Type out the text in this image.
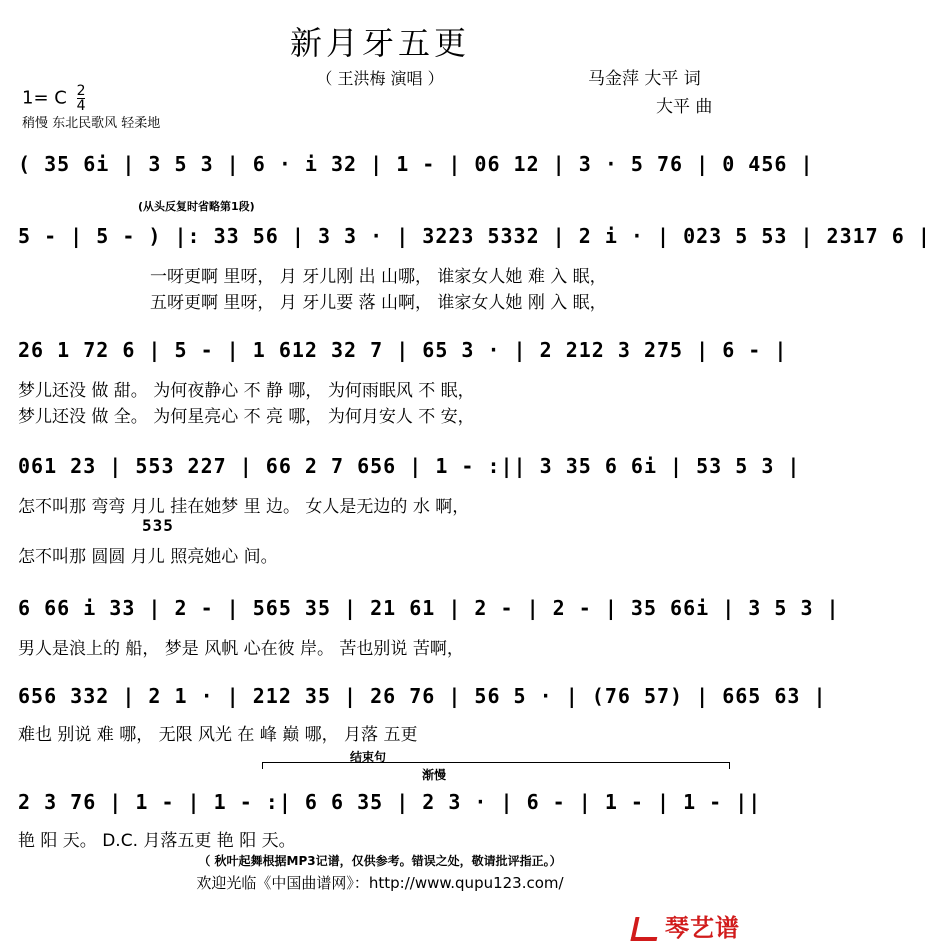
新月牙五更
（ 王洪梅 演唱 ）	马金萍 大平 词
大平 曲
1= C $\frac{2}{4}$
稍慢 东北民歌风 轻柔地
( 35 6i | 3 5 3 | 6 · i 32 | 1 - | 06 12 | 3 · 5 76 | 0 456 |
(从头反复时省略第1段)
5 - | 5 - ) |: 33 56 | 3 3 · | 3223 5332 | 2 i · | 023 5 53 | 2317 6 |
一呀更啊 里呀， 月 牙儿刚 出 山哪， 谁家女人她 难 入 眠，
五呀更啊 里呀， 月 牙儿要 落 山啊， 谁家女人她 刚 入 眠，
26 1 72 6 | 5 - | 1 612 32 7 | 65 3 · | 2 212 3 275 | 6 - |
梦儿还没 做 甜。 为何夜静心 不 静 哪， 为何雨眠风 不 眠，
梦儿还没 做 全。 为何星亮心 不 亮 哪， 为何月安人 不 安，
061 23 | 553 227 | 66 2 7 656 | 1 - :|| 3 35 6 6i | 53 5 3 |
怎不叫那 弯弯 月儿 挂在她梦 里 边。 女人是无边的 水 啊，
535
怎不叫那 圆圆 月儿 照亮她心 间。
6 66 i 33 | 2 - | 565 35 | 21 61 | 2 - | 2 - | 35 66i | 3 5 3 |
男人是浪上的 船， 梦是 风帆 心在彼 岸。 苦也别说 苦啊，
656 332 | 2 1 · | 212 35 | 26 76 | 56 5 · | (76 57) | 665 63 |
难也 别说 难 哪， 无限 风光 在 峰 巅 哪， 月落 五更
结束句
渐慢
2 3 76 | 1 - | 1 - :| 6 6 35 | 2 3 · | 6 - | 1 - | 1 - ||
艳 阳 天。 D.C. 月落五更 艳 阳 天。
（ 秋叶起舞根据MP3记谱，仅供参考。错误之处，敬请批评指正。）
欢迎光临《中国曲谱网》：http://www.qupu123.com/
琴艺谱
